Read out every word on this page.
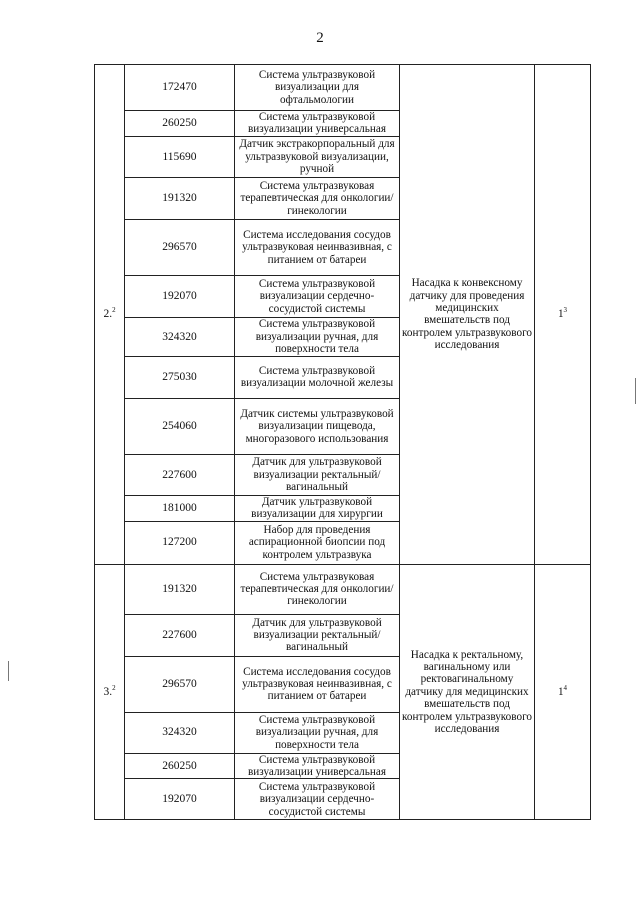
2
2.$^2$	172470	Система ультразвуковой визуализации для офтальмологии	Насадка к конвексному датчику для проведения медицинских вмешательств под контролем ультразвукового исследования	$1^3$
	260250	Система ультразвуковой визуализации универсальная		
	115690	Датчик экстракорпоральный для ультразвуковой визуализации, ручной		
	191320	Система ультразвуковая терапевтическая для онкологии/гинекологии		
	296570	Система исследования сосудов ультразвуковая неинвазивная, с питанием от батареи		
	192070	Система ультразвуковой визуализации сердечно-сосудистой системы		
	324320	Система ультразвуковой визуализации ручная, для поверхности тела		
	275030	Система ультразвуковой визуализации молочной железы		
	254060	Датчик системы ультразвуковой визуализации пищевода, многоразового использования		
	227600	Датчик для ультразвуковой визуализации ректальный/вагинальный		
	181000	Датчик ультразвуковой визуализации для хирургии		
	127200	Набор для проведения аспирационной биопсии под контролем ультразвука		
3.$^2$	191320	Система ультразвуковая терапевтическая для онкологии/гинекологии	Насадка к ректальному, вагинальному или ректовагинальному датчику для медицинских вмешательств под контролем ультразвукового исследования	$1^4$
	227600	Датчик для ультразвуковой визуализации ректальный/вагинальный		
	296570	Система исследования сосудов ультразвуковая неинвазивная, с питанием от батареи		
	324320	Система ультразвуковой визуализации ручная, для поверхности тела		
	260250	Система ультразвуковой визуализации универсальная		
	192070	Система ультразвуковой визуализации сердечно-сосудистой системы		
